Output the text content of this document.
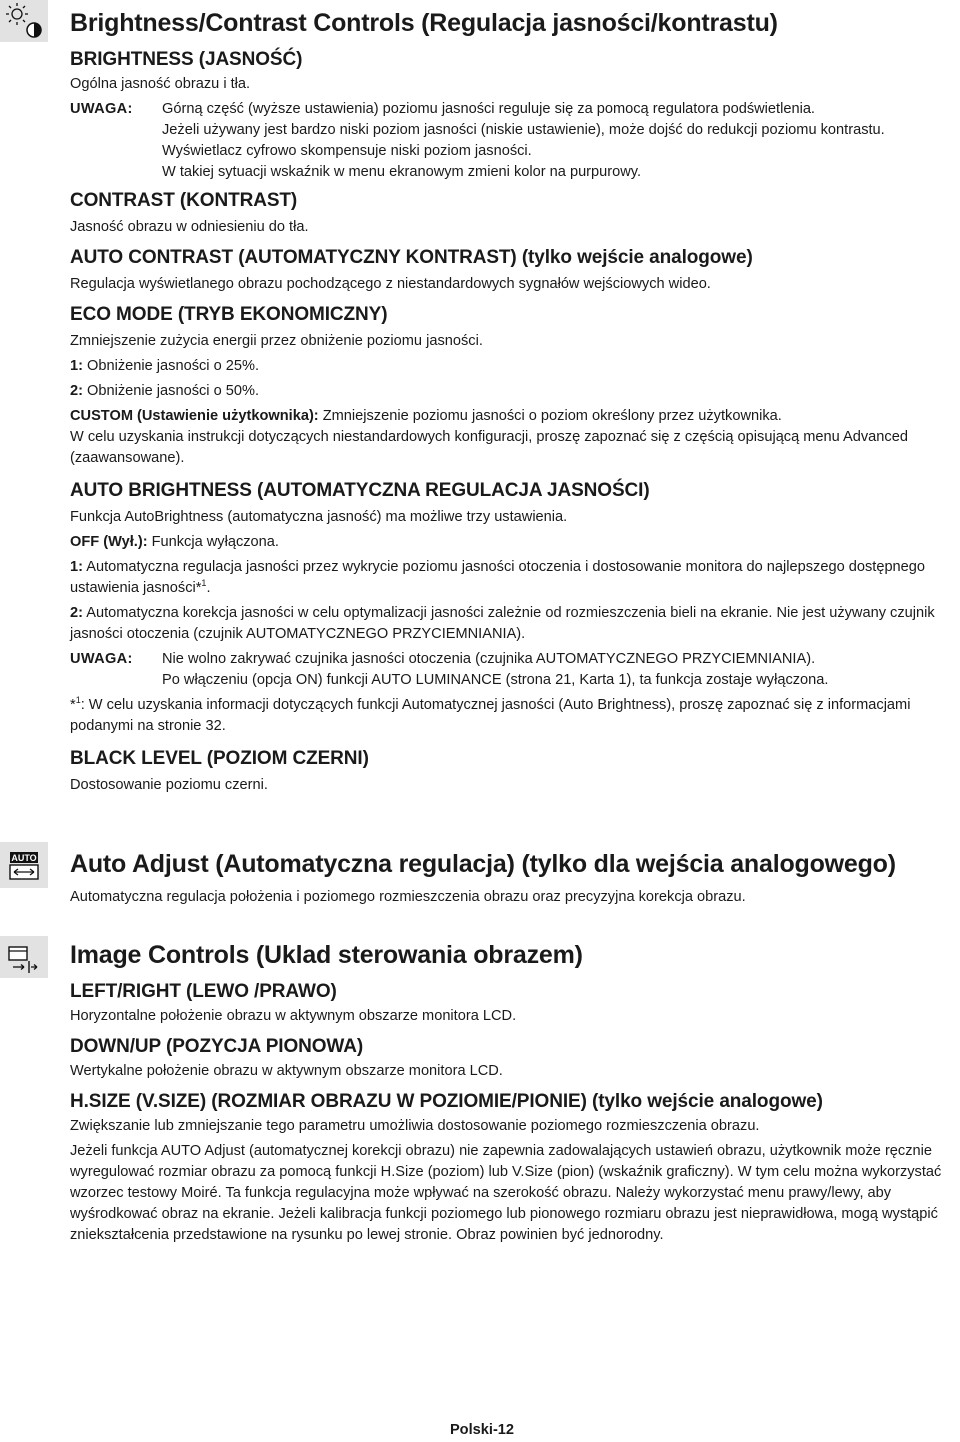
AUTO
Brightness/Contrast Controls (Regulacja jasności/kontrastu)
BRIGHTNESS (JASNOŚĆ)

Ogólna jasność obrazu i tła.

UWAGA:	Górną część (wyższe ustawienia) poziomu jasności reguluje się za pomocą regulatora podświetlenia.
Jeżeli używany jest bardzo niski poziom jasności (niskie ustawienie), może dojść do redukcji poziomu kontrastu. Wyświetlacz cyfrowo skompensuje niski poziom jasności.
W takiej sytuacji wskaźnik w menu ekranowym zmieni kolor na purpurowy.
CONTRAST (KONTRAST)

Jasność obrazu w odniesieniu do tła.

AUTO CONTRAST (AUTOMATYCZNY KONTRAST) (tylko wejście analogowe)

Regulacja wyświetlanego obrazu pochodzącego z niestandardowych sygnałów wejściowych wideo.

ECO MODE (TRYB EKONOMICZNY)

Zmniejszenie zużycia energii przez obniżenie poziomu jasności.

1: Obniżenie jasności o 25%.

2: Obniżenie jasności o 50%.

CUSTOM (Ustawienie użytkownika): Zmniejszenie poziomu jasności o poziom określony przez użytkownika.

W celu uzyskania instrukcji dotyczących niestandardowych konfiguracji, proszę zapoznać się z częścią opisującą menu Advanced (zaawansowane).

AUTO BRIGHTNESS (AUTOMATYCZNA REGULACJA JASNOŚCI)

Funkcja AutoBrightness (automatyczna jasność) ma możliwe trzy ustawienia.

OFF (Wył.): Funkcja wyłączona.

1: Automatyczna regulacja jasności przez wykrycie poziomu jasności otoczenia i dostosowanie monitora do najlepszego dostępnego ustawienia jasności*$^1$.

2: Automatyczna korekcja jasności w celu optymalizacji jasności zależnie od rozmieszczenia bieli na ekranie. Nie jest używany czujnik jasności otoczenia (czujnik AUTOMATYCZNEGO PRZYCIEMNIANIA).

UWAGA:	Nie wolno zakrywać czujnika jasności otoczenia (czujnika AUTOMATYCZNEGO PRZYCIEMNIANIA).
Po włączeniu (opcja ON) funkcji AUTO LUMINANCE (strona 21, Karta 1), ta funkcja zostaje wyłączona.

*$^1$: W celu uzyskania informacji dotyczących funkcji Automatycznej jasności (Auto Brightness), proszę zapoznać się z informacjami podanymi na stronie 32.

BLACK LEVEL (POZIOM CZERNI)

Dostosowanie poziomu czerni.

Auto Adjust (Automatyczna regulacja) (tylko dla wejścia analogowego)

Automatyczna regulacja położenia i poziomego rozmieszczenia obrazu oraz precyzyjna korekcja obrazu.

Image Controls (Uklad sterowania obrazem)
LEFT/RIGHT (LEWO /PRAWO)

Horyzontalne położenie obrazu w aktywnym obszarze monitora LCD.

DOWN/UP (POZYCJA PIONOWA)

Wertykalne położenie obrazu w aktywnym obszarze monitora LCD.

H.SIZE (V.SIZE) (ROZMIAR OBRAZU W POZIOMIE/PIONIE) (tylko wejście analogowe)

Zwiększanie lub zmniejszanie tego parametru umożliwia dostosowanie poziomego rozmieszczenia obrazu.

Jeżeli funkcja AUTO Adjust (automatycznej korekcji obrazu) nie zapewnia zadowalających ustawień obrazu, użytkownik może ręcznie wyregulować rozmiar obrazu za pomocą funkcji H.Size (poziom) lub V.Size (pion) (wskaźnik graficzny). W tym celu można wykorzystać wzorzec testowy Moiré. Ta funkcja regulacyjna może wpływać na szerokość obrazu. Należy wykorzystać menu prawy/lewy, aby wyśrodkować obraz na ekranie. Jeżeli kalibracja funkcji poziomego lub pionowego rozmiaru obrazu jest nieprawidłowa, mogą wystąpić zniekształcenia przedstawione na rysunku po lewej stronie. Obraz powinien być jednorodny.

Polski-12
